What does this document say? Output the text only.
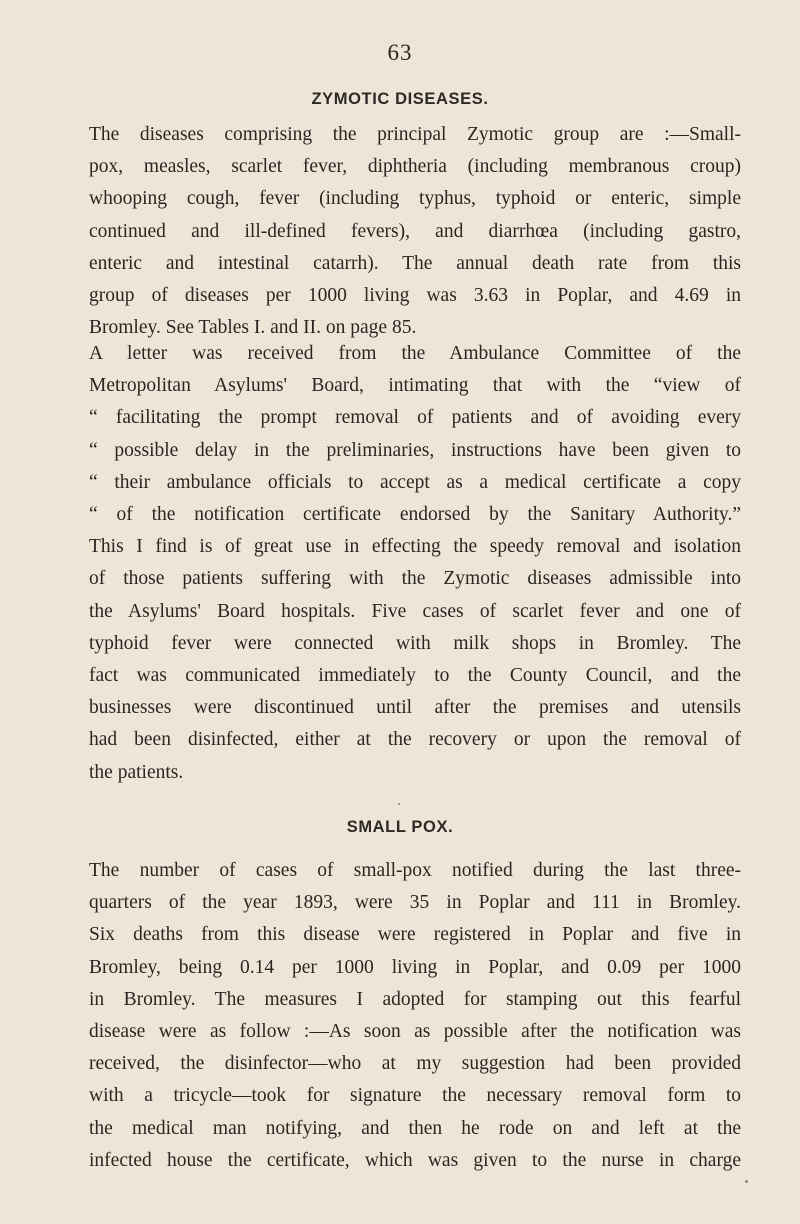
63
ZYMOTIC DISEASES.

The diseases comprising the principal Zymotic group are :—Small-
pox, measles, scarlet fever, diphtheria (including membranous croup)
whooping cough, fever (including typhus, typhoid or enteric, simple
continued and ill-defined fevers), and diarrhœa (including gastro,
enteric and intestinal catarrh). The annual death rate from this
group of diseases per 1000 living was 3.63 in Poplar, and 4.69 in
Bromley. See Tables I. and II. on page 85.

A letter was received from the Ambulance Committee of the
Metropolitan Asylums' Board, intimating that with the “view of
“ facilitating the prompt removal of patients and of avoiding every
“ possible delay in the preliminaries, instructions have been given to
“ their ambulance officials to accept as a medical certificate a copy
“ of the notification certificate endorsed by the Sanitary Authority.”
This I find is of great use in effecting the speedy removal and isolation
of those patients suffering with the Zymotic diseases admissible into
the Asylums' Board hospitals. Five cases of scarlet fever and one of
typhoid fever were connected with milk shops in Bromley. The
fact was communicated immediately to the County Council, and the
businesses were discontinued until after the premises and utensils
had been disinfected, either at the recovery or upon the removal of
the patients.

SMALL POX.

The number of cases of small-pox notified during the last three-
quarters of the year 1893, were 35 in Poplar and 111 in Bromley.
Six deaths from this disease were registered in Poplar and five in
Bromley, being 0.14 per 1000 living in Poplar, and 0.09 per 1000
in Bromley. The measures I adopted for stamping out this fearful
disease were as follow :—As soon as possible after the notification was
received, the disinfector—who at my suggestion had been provided
with a tricycle—took for signature the necessary removal form to
the medical man notifying, and then he rode on and left at the
infected house the certificate, which was given to the nurse in charge
